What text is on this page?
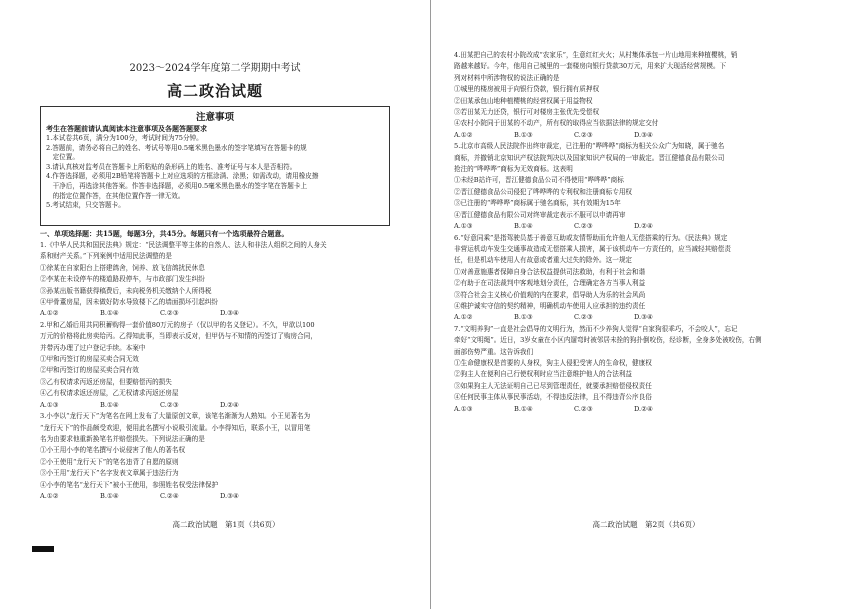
2023～2024学年度第二学期期中考试
高二政治试题
注意事项
考生在答题前请认真阅读本注意事项及各题答题要求
1.本试卷共6页，满分为100分，考试时间为75分钟。
2.答题前，请务必将自己的姓名、考试号等用0.5毫米黑色墨水的签字笔填写在答题卡的规
　定位置。
3.请认真核对监考员在答题卡上所粘贴的条形码上的姓名、准考证号与本人是否相符。
4.作答选择题，必须用2B铅笔将答题卡上对应选项的方框涂满、涂黑；如需改动，请用橡皮擦
　干净后，再选涂其他答案。作答非选择题，必须用0.5毫米黑色墨水的签字笔在答题卡上
　的指定位置作答，在其他位置作答一律无效。
5.考试结束，只交答题卡。
一、单项选择题：共15题，每题3分，共45分。每题只有一个选项最符合题意。
1.《中华人民共和国民法典》规定：“民法调整平等主体的自然人、法人和非法人组织之间的人身关
系和财产关系。”下列案例中适用民法调整的是
①徐某在自家阳台上搭建鸽舍，饲养、放飞信鸽扰民休息
②李某在未设停车的楼道路段停车，与市政部门发生纠纷
③孙某出版书籍获得稿费后，未向税务机关缴纳个人所得税
④甲骨董房屋，因未做好防水导致楼下乙的墙面损坏引起纠纷
A.①②	B.①④	C.②③	D.③④
2.甲和乙婚后用共同积蓄购得一套价值80万元的房子（仅以甲的名义登记）。不久，甲欲以100
万元的价格将此房卖给丙。乙得知此事，当即表示反对，但甲仍与不知情的丙签订了购房合同，
并带丙办理了过户登记手续。本案中
①甲和丙签订的房屋买卖合同无效
②甲和丙签订的房屋买卖合同有效
③乙有权请求丙返还房屋，但要赔偿丙的损失
④乙有权请求返还房屋，乙无权请求丙返还房屋
A.①③	B.①④	C.②③	D.②④
3.小李以“龙行天下”为笔名在网上发布了大量原创文章，该笔名渐渐为人熟知。小王见著名为
“龙行天下”的作品颇受欢迎，便用此名撰写小说吸引流量。小李得知后，联系小王，以冒用笔
名为由要求他重新换笔名并赔偿损失。下列说法正确的是
①小王用小李的笔名撰写小说侵害了他人的著名权
②小王使用“龙行天下”的笔名违背了自愿的原则
③小王用“龙行天下”名字发表文章属于违法行为
④小李的笔名“龙行天下”被小王使用，参照姓名权受法律保护
A.①②	B.①④	C.②④	D.③④
高二政治试题　第1页（共6页）
4.田某把自己的农村小院改成“农家乐”，生意红红火火；从村集体承包一片山地用来种植樱桃，销
路越来越好。今年，他用自己城里的一套楼房向银行贷款30万元，用来扩大现活经营规模。下
列对材料中所涉物权的说法正确的是
①城里的楼房被用于向银行贷款，银行拥有质押权
②田某承包山地种植樱桃的经营权属于用益物权
③若田某无力还贷，银行可对楼房主张优先受偿权
④农村小院同于田某的不动产，所有权的取得应当依据法律的规定交付
A.①②	B.①③	C.②③	D.③④
5.北京市高级人民法院作出终审裁定，已注册的“哗哗哗”商标为相关公众广为知晓，属于驰名
商标，并撤销北京知识产权法院判决以及国家知识产权局的一审裁定。晋江健德食品有限公司
抢注的“哗哗哗”商标为无效商标。这表明
①未经B站许可，晋江健德食品公司不得使用“哗哗哗”商标
②晋江健德食品公司侵犯了哗哗哗的专利权和注册商标专用权
③已注册的“哗哗哗”商标属于驰名商标，其有效期为15年
④晋江健德食品有限公司对终审裁定表示不服可以申请再审
A.①③	B.①④	C.②③	D.②④
6.“好意同乘”是指驾驶员基于善意互助或友情帮助而允许他人无偿搭乘的行为。《民法典》规定
非营运机动车发生交通事故造成无偿搭乘人损害，属于该机动车一方责任的，应当减轻其赔偿责
任，但是机动车使用人有故意或者重大过失的除外。这一规定
①对善意施惠者保障自身合法权益提供司法救助，有利于社会和谐
②有助于在司法裁判中客观地划分责任，合理确定各方当事人利益
③符合社会主义核心价值观的内在要求，倡导助人为乐的社会风尚
④维护诚实守信的契约精神，明确机动车使用人应承担的违约责任
A.①②	B.①③	C.②③	D.③④
7.“文明养狗”一直是社会倡导的文明行为，然而不少养狗人觉得“自家狗很乖巧，不会咬人”，忘记
牵好“文明绳”。近日，3岁女童在小区内遛弯时被邻居未拴的狗扑倒咬伤，经诊断，全身多处被咬伤，右侧
面部伤势严重。这告诉我们
①生命健康权是首要的人身权，狗主人侵犯受害人的生命权，健康权
②狗主人在便利自己行使权利时应当注意维护他人的合法利益
③如果狗主人无法证明自己已尽到管理责任，就要承担赔偿侵权责任
④任何民事主体从事民事活动，不得违反法律，且不得违背公序良俗
A.①③	B.①④	C.②③	D.②④
高二政治试题　第2页（共6页）
